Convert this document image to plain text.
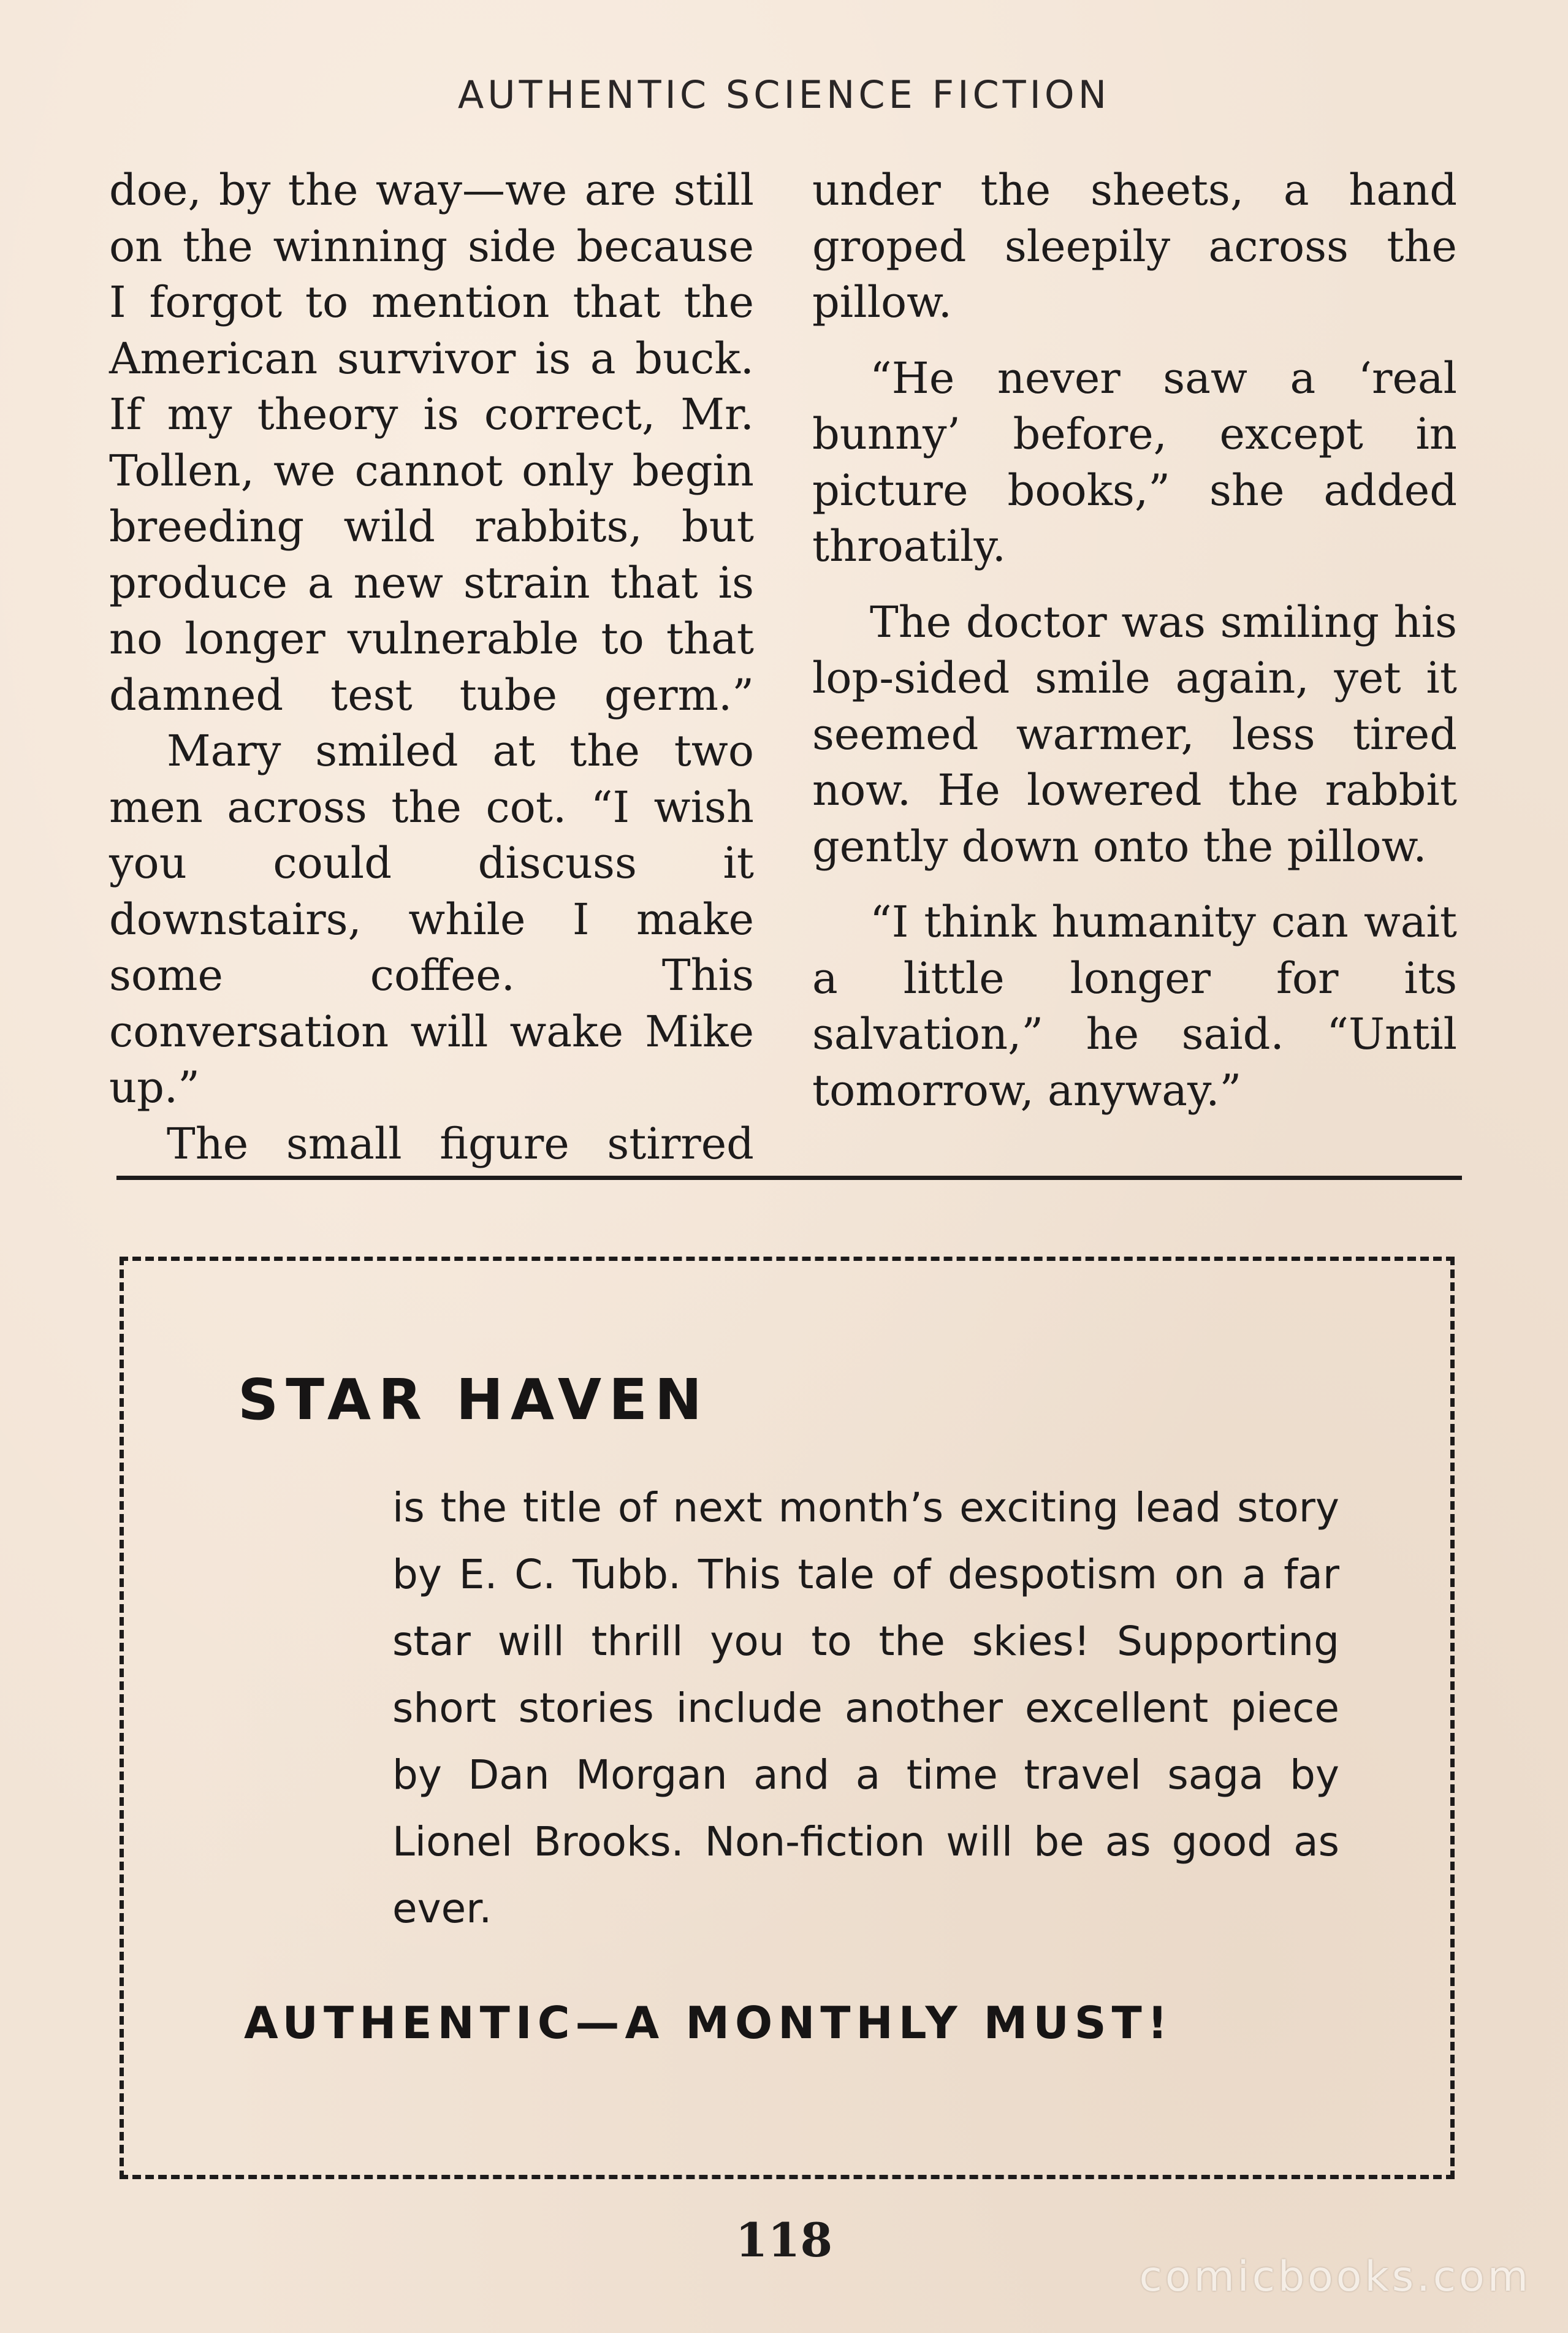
AUTHENTIC SCIENCE FICTION

doe, by the way—we are still on the winning side because I forgot to mention that the American survivor is a buck. If my theory is correct, Mr. Tollen, we cannot only begin breeding wild rabbits, but produce a new strain that is no longer vulnerable to that damned test tube germ.”

Mary smiled at the two men across the cot. “I wish you could discuss it downstairs, while I make some coffee. This conversation will wake Mike up.”

The small figure stirred

under the sheets, a hand groped sleepily across the pillow.

“He never saw a ‘real bunny’ before, except in picture books,” she added throatily.

The doctor was smiling his lop-sided smile again, yet it seemed warmer, less tired now. He lowered the rabbit gently down onto the pillow.

“I think humanity can wait a little longer for its salvation,” he said. “Until tomorrow, anyway.”

STAR HAVEN
is the title of next month’s exciting lead story by E. C. Tubb. This tale of despotism on a far star will thrill you to the skies! Supporting short stories include another excellent piece by Dan Morgan and a time travel saga by Lionel Brooks. Non-fiction will be as good as ever.
AUTHENTIC—A MONTHLY MUST!
118
comicbooks.com
